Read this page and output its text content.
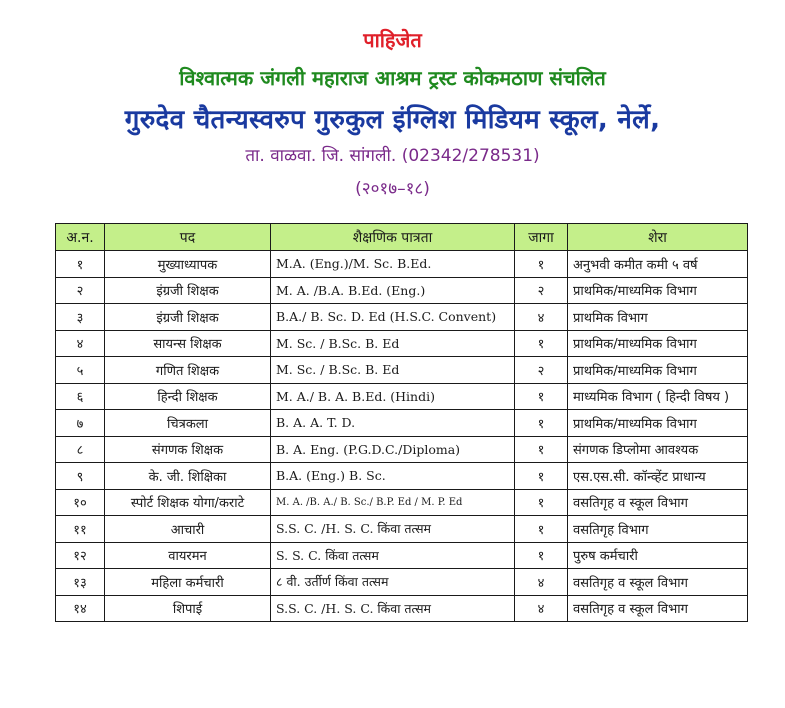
पाहिजेत
विश्वात्मक जंगली महाराज आश्रम ट्रस्ट कोकमठाण संचलित
गुरुदेव चैतन्यस्वरुप गुरुकुल इंग्लिश मिडियम स्कूल, नेर्ले,
ता. वाळवा. जि. सांगली. (02342/278531)
(२०१७–१८)
अ.न.	पद	शैक्षणिक पात्रता	जागा	शेरा
१	मुख्याध्यापक	M.A. (Eng.)/M. Sc. B.Ed.	१	अनुभवी कमीत कमी ५ वर्ष
२	इंग्रजी शिक्षक	M. A. /B.A. B.Ed. (Eng.)	२	प्राथमिक/माध्यमिक विभाग
३	इंग्रजी शिक्षक	B.A./ B. Sc. D. Ed (H.S.C. Convent)	४	प्राथमिक विभाग
४	सायन्स शिक्षक	M. Sc. / B.Sc. B. Ed	१	प्राथमिक/माध्यमिक विभाग
५	गणित शिक्षक	M. Sc. / B.Sc. B. Ed	२	प्राथमिक/माध्यमिक विभाग
६	हिन्दी शिक्षक	M. A./ B. A. B.Ed. (Hindi)	१	माध्यमिक विभाग ( हिन्दी विषय )
७	चित्रकला	B. A. A. T. D.	१	प्राथमिक/माध्यमिक विभाग
८	संगणक शिक्षक	B. A. Eng. (P.G.D.C./Diploma)	१	संगणक डिप्लोमा आवश्यक
९	के. जी. शिक्षिका	B.A. (Eng.) B. Sc.	१	एस.एस.सी. कॉन्व्हेंट प्राधान्य
१०	स्पोर्ट शिक्षक योगा/कराटे	M. A. /B. A./ B. Sc./ B.P. Ed / M. P. Ed	१	वसतिगृह व स्कूल विभाग
११	आचारी	S.S. C. /H. S. C. किंवा तत्सम	१	वसतिगृह विभाग
१२	वायरमन	S. S. C. किंवा तत्सम	१	पुरुष कर्मचारी
१३	महिला कर्मचारी	८ वी. उर्तीर्ण किंवा तत्सम	४	वसतिगृह व स्कूल विभाग
१४	शिपाई	S.S. C. /H. S. C. किंवा तत्सम	४	वसतिगृह व स्कूल विभाग
